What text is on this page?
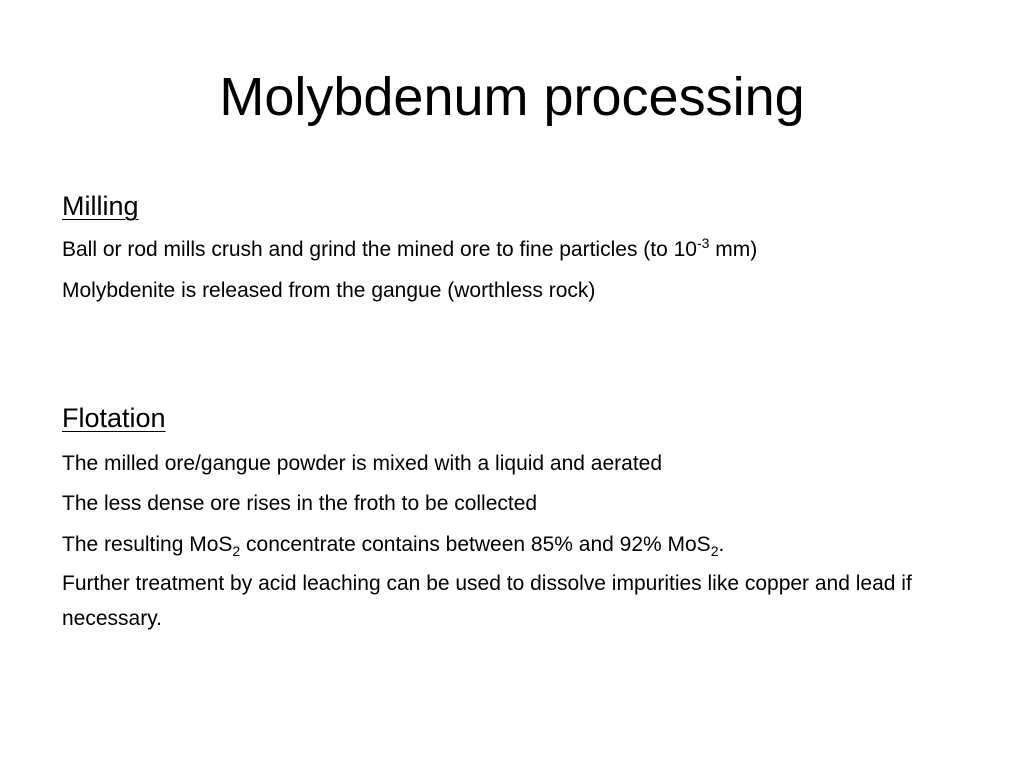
Molybdenum processing
Milling
Ball or rod mills crush and grind the mined ore to fine particles (to $10^{-3}$ mm)
Molybdenite is released from the gangue (worthless rock)
Flotation
The milled ore/gangue powder is mixed with a liquid and aerated
The less dense ore rises in the froth to be collected
The resulting MoS$_2$ concentrate contains between 85% and 92% MoS$_2$.
Further treatment by acid leaching can be used to dissolve impurities like copper and lead if necessary.
